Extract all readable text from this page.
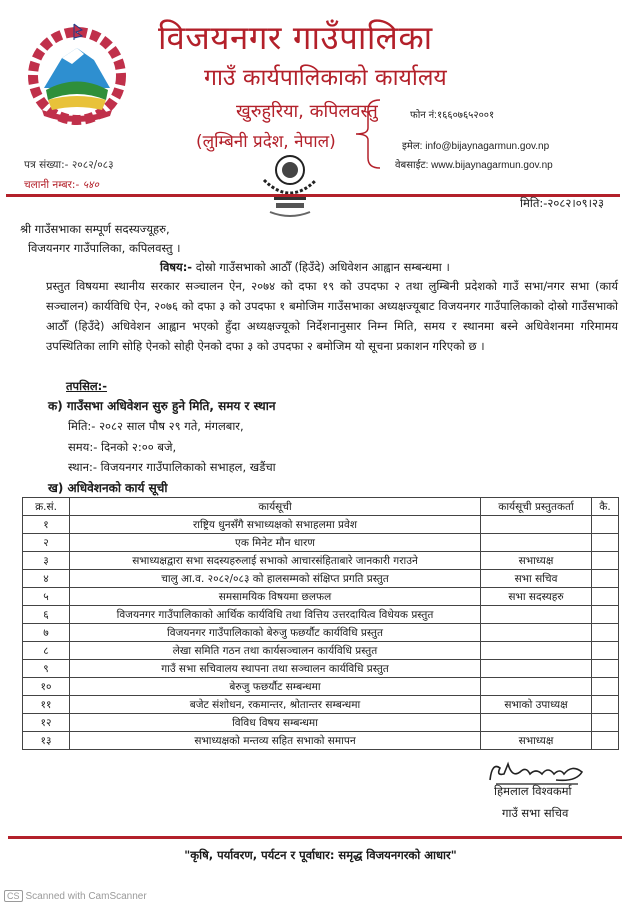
विजयनगर गाउँपालिका
गाउँ कार्यपालिकाको कार्यालय
खुरुहुरिया, कपिलवस्तु
(लुम्बिनी प्रदेश, नेपाल)
फोन नं:१६६०७६५२००१
इमेल: info@bijaynagarmun.gov.np
वेबसाईट: www.bijaynagarmun.gov.np
पत्र संख्या:- २०८२/०८३
चलानी नम्बर:- ५४०
मिति:-२०८२।०९।२३
श्री गाउँसभाका सम्पूर्ण सदस्यज्यूहरु,
विजयनगर गाउँपालिका, कपिलवस्तु ।
विषय:- दोस्रो गाउँसभाको आठौँ (हिउँदे) अधिवेशन आह्वान सम्बन्धमा ।
प्रस्तुत विषयमा स्थानीय सरकार सञ्चालन ऐन, २०७४ को दफा १९ को उपदफा २ तथा लुम्बिनी प्रदेशको गाउँ सभा/नगर सभा (कार्य सञ्चालन) कार्यविधि ऐन, २०७६ को दफा ३ को उपदफा १ बमोजिम गाउँसभाका अध्यक्षज्यूबाट विजयनगर गाउँपालिकाको दोस्रो गाउँसभाको आठौँ (हिउँदे) अधिवेशन आह्वान भएको हुँदा अध्यक्षज्यूको निर्देशनानुसार निम्न मिति, समय र स्थानमा बस्ने अधिवेशनमा गरिमामय उपस्थितिका लागि सोहि ऐनको सोही ऐनको दफा ३ को उपदफा २ बमोजिम यो सूचना प्रकाशन गरिएको छ ।
तपसिल:-
क) गाउँसभा अधिवेशन सुरु हुने मिति, समय र स्थान
मिति:- २०८२ साल पौष २९ गते, मंगलबार,
समय:- दिनको २:०० बजे,
स्थान:- विजयनगर गाउँपालिकाको सभाहल, खडैंचा
ख) अधिवेशनको कार्य सूची
क्र.सं.	कार्यसूची	कार्यसूची प्रस्तुतकर्ता	कै.
१	राष्ट्रिय धुनसँगै सभाध्यक्षको सभाहलमा प्रवेश		
२	एक मिनेट मौन धारण		
३	सभाध्यक्षद्वारा सभा सदस्यहरुलाई सभाको आचारसंहिताबारे जानकारी गराउने	सभाध्यक्ष	
४	चालु आ.व. २०८२/०८३ को हालसम्मको संक्षिप्त प्रगति प्रस्तुत	सभा सचिव	
५	समसामयिक विषयमा छलफल	सभा सदस्यहरु	
६	विजयनगर गाउँपालिकाको आर्थिक कार्यविधि तथा वित्तिय उत्तरदायित्व विधेयक प्रस्तुत		
७	विजयनगर गाउँपालिकाको बेरुजु फछर्यौट कार्यविधि प्रस्तुत		
८	लेखा समिति गठन तथा कार्यसञ्चालन कार्यविधि प्रस्तुत		
९	गाउँ सभा सचिवालय स्थापना तथा सञ्चालन कार्यविधि प्रस्तुत		
१०	बेरुजु फछर्यौट सम्बन्धमा		
११	बजेट संशोधन, रकमान्तर, श्रोतान्तर सम्बन्धमा	सभाको उपाध्यक्ष	
१२	विविध विषय सम्बन्धमा		
१३	सभाध्यक्षको मन्तव्य सहित सभाको समापन	सभाध्यक्ष	
हिमलाल विश्वकर्मा
गाउँ सभा सचिव
"कृषि, पर्यावरण, पर्यटन र पूर्वाधार: समृद्ध विजयनगरको आधार"
CS Scanned with CamScanner
